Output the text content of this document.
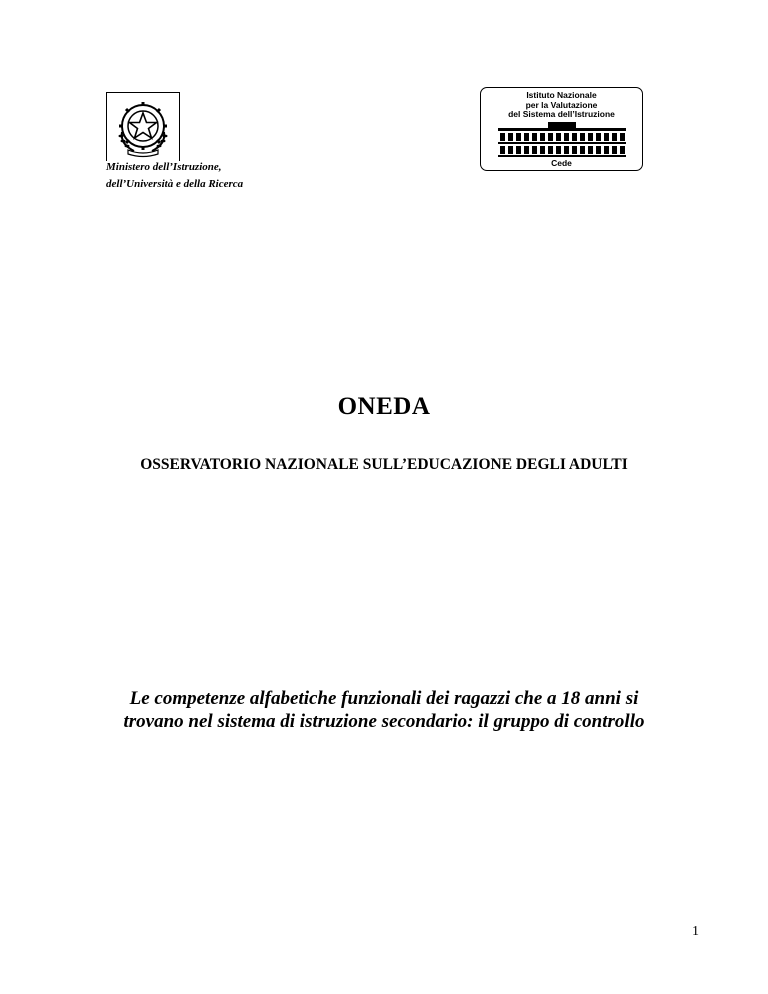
Ministero dell’Istruzione,
dell’Università e della Ricerca
Istituto Nazionale
per la Valutazione
del Sistema dell’Istruzione
Cede
ONEDA
OSSERVATORIO NAZIONALE SULL’EDUCAZIONE DEGLI ADULTI
Le competenze alfabetiche funzionali dei ragazzi che a 18 anni si
trovano nel sistema di istruzione secondario: il gruppo di controllo
1
